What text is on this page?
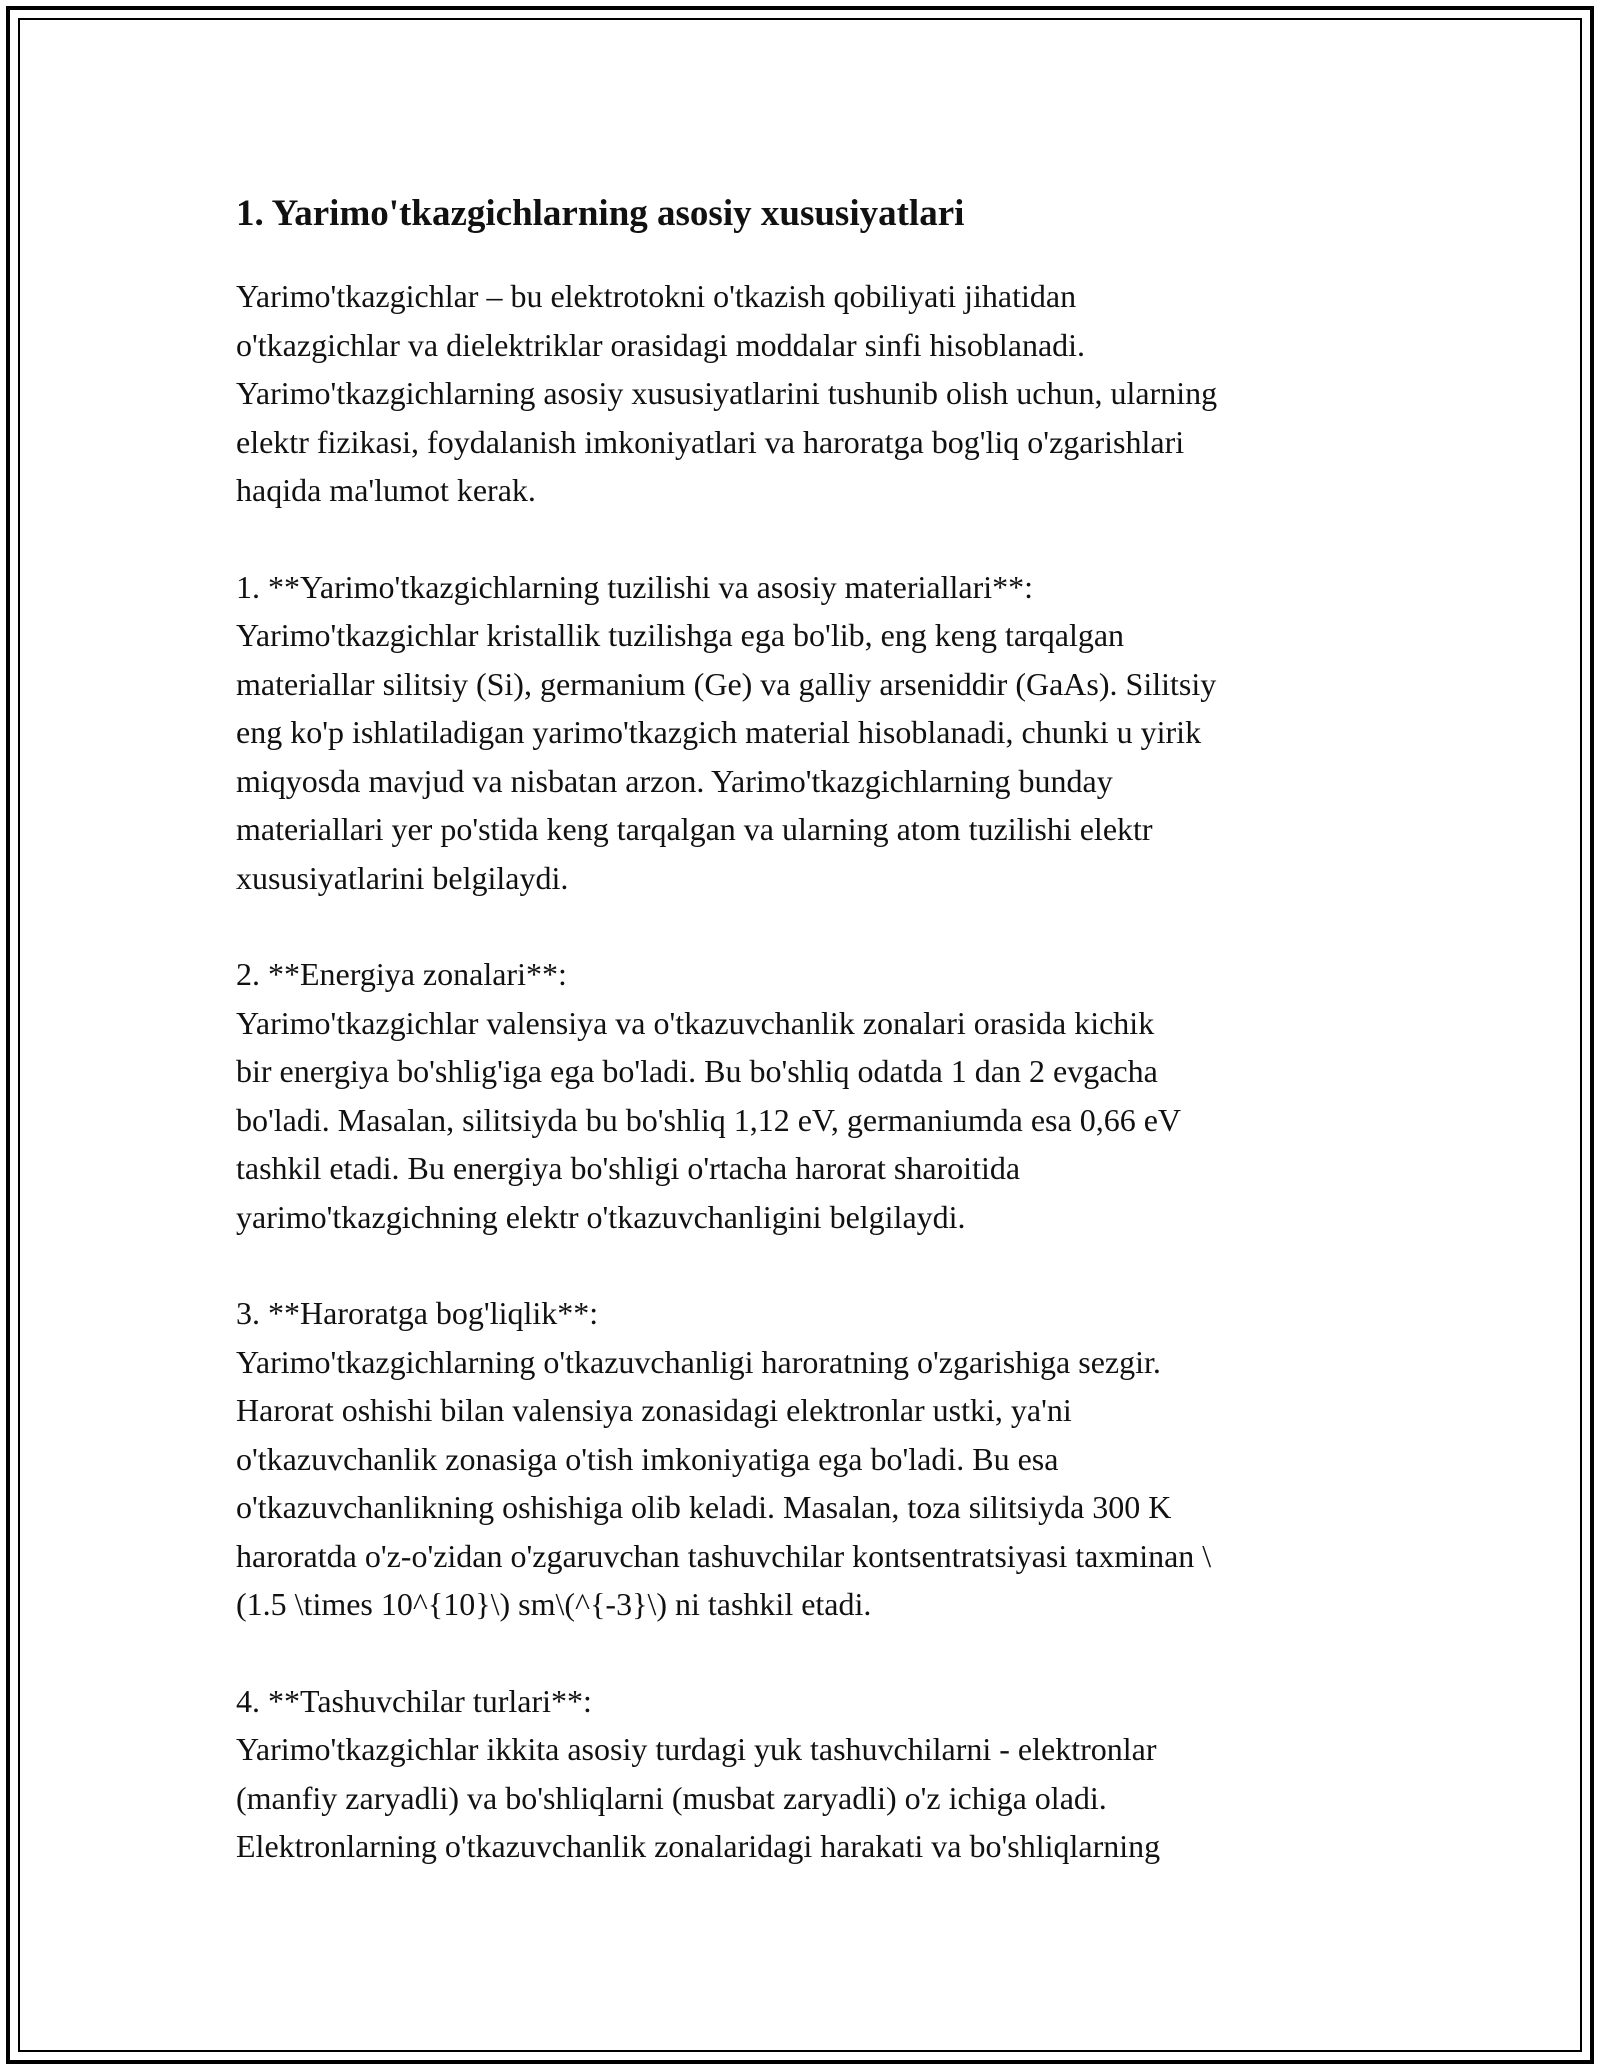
1. Yarimo'tkazgichlarning asosiy xususiyatlari

Yarimo'tkazgichlar – bu elektrotokni o'tkazish qobiliyati jihatidan
o'tkazgichlar va dielektriklar orasidagi moddalar sinfi hisoblanadi.
Yarimo'tkazgichlarning asosiy xususiyatlarini tushunib olish uchun, ularning
elektr fizikasi, foydalanish imkoniyatlari va haroratga bog'liq o'zgarishlari
haqida ma'lumot kerak.

1. **Yarimo'tkazgichlarning tuzilishi va asosiy materiallari**:
Yarimo'tkazgichlar kristallik tuzilishga ega bo'lib, eng keng tarqalgan
materiallar silitsiy (Si), germanium (Ge) va galliy arseniddir (GaAs). Silitsiy
eng ko'p ishlatiladigan yarimo'tkazgich material hisoblanadi, chunki u yirik
miqyosda mavjud va nisbatan arzon. Yarimo'tkazgichlarning bunday
materiallari yer po'stida keng tarqalgan va ularning atom tuzilishi elektr
xususiyatlarini belgilaydi.

2. **Energiya zonalari**:
Yarimo'tkazgichlar valensiya va o'tkazuvchanlik zonalari orasida kichik
bir energiya bo'shlig'iga ega bo'ladi. Bu bo'shliq odatda 1 dan 2 evgacha
bo'ladi. Masalan, silitsiyda bu bo'shliq 1,12 eV, germaniumda esa 0,66 eV
tashkil etadi. Bu energiya bo'shligi o'rtacha harorat sharoitida
yarimo'tkazgichning elektr o'tkazuvchanligini belgilaydi.

3. **Haroratga bog'liqlik**:
Yarimo'tkazgichlarning o'tkazuvchanligi haroratning o'zgarishiga sezgir.
Harorat oshishi bilan valensiya zonasidagi elektronlar ustki, ya'ni
o'tkazuvchanlik zonasiga o'tish imkoniyatiga ega bo'ladi. Bu esa
o'tkazuvchanlikning oshishiga olib keladi. Masalan, toza silitsiyda 300 K
haroratda o'z-o'zidan o'zgaruvchan tashuvchilar kontsentratsiyasi taxminan \
(1.5 \times 10^{10}\) sm\(^{-3}\) ni tashkil etadi.

4. **Tashuvchilar turlari**:
Yarimo'tkazgichlar ikkita asosiy turdagi yuk tashuvchilarni - elektronlar
(manfiy zaryadli) va bo'shliqlarni (musbat zaryadli) o'z ichiga oladi.
Elektronlarning o'tkazuvchanlik zonalaridagi harakati va bo'shliqlarning
